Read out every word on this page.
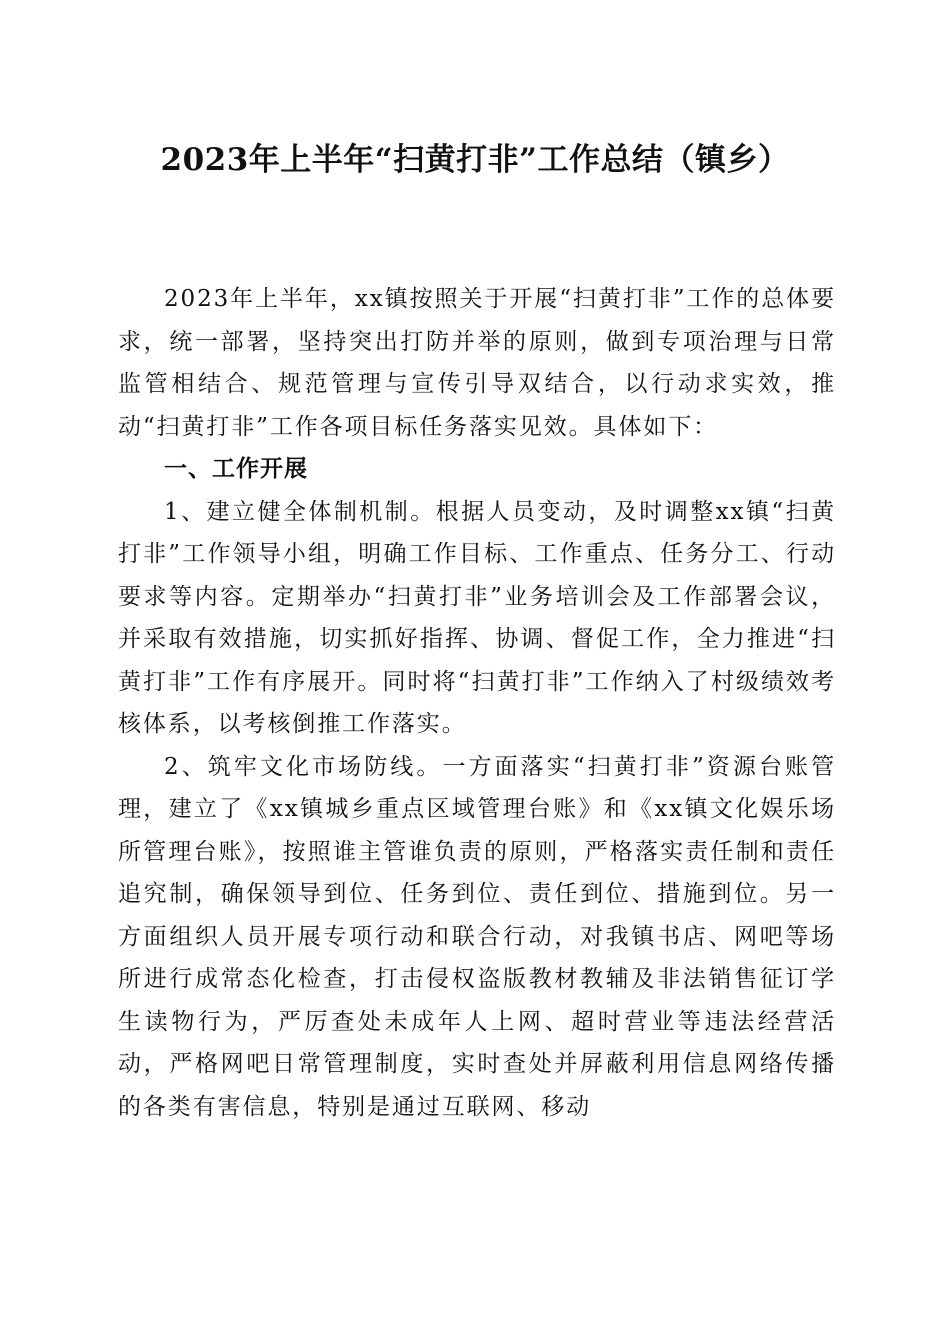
2023年上半年“扫黄打非”工作总结（镇乡）

2023年上半年，xx镇按照关于开展“扫黄打非”工作的总体要求，统一部署，坚持突出打防并举的原则，做到专项治理与日常监管相结合、规范管理与宣传引导双结合，以行动求实效，推动“扫黄打非”工作各项目标任务落实见效。具体如下：

一、工作开展

1、建立健全体制机制。根据人员变动，及时调整xx镇“扫黄打非”工作领导小组，明确工作目标、工作重点、任务分工、行动要求等内容。定期举办“扫黄打非”业务培训会及工作部署会议，并采取有效措施，切实抓好指挥、协调、督促工作，全力推进“扫黄打非”工作有序展开。同时将“扫黄打非”工作纳入了村级绩效考核体系，以考核倒推工作落实。

2、筑牢文化市场防线。一方面落实“扫黄打非”资源台账管理，建立了《xx镇城乡重点区域管理台账》和《xx镇文化娱乐场所管理台账》，按照谁主管谁负责的原则，严格落实责任制和责任追究制，确保领导到位、任务到位、责任到位、措施到位。另一方面组织人员开展专项行动和联合行动，对我镇书店、网吧等场所进行成常态化检查，打击侵权盗版教材教辅及非法销售征订学生读物行为，严厉查处未成年人上网、超时营业等违法经营活动，严格网吧日常管理制度，实时查处并屏蔽利用信息网络传播的各类有害信息，特别是通过互联网、移动
